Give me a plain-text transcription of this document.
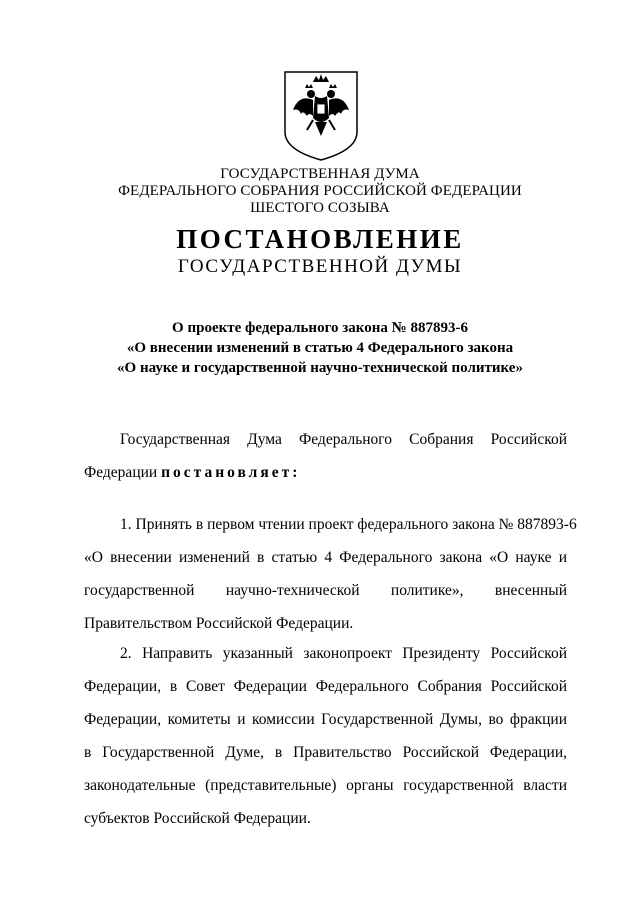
ГОСУДАРСТВЕННАЯ ДУМА
ФЕДЕРАЛЬНОГО СОБРАНИЯ РОССИЙСКОЙ ФЕДЕРАЦИИ
ШЕСТОГО СОЗЫВА
ПОСТАНОВЛЕНИЕ
ГОСУДАРСТВЕННОЙ ДУМЫ
О проекте федерального закона № 887893-6
«О внесении изменений в статью 4 Федерального закона
«О науке и государственной научно-технической политике»
Государственная Дума Федерального Собрания Российской
Федерации постановляет:
1. Принять в первом чтении проект федерального закона № 887893-6
«О внесении изменений в статью 4 Федерального закона «О науке и
государственной научно-технической политике», внесенный
Правительством Российской Федерации.
2. Направить указанный законопроект Президенту Российской
Федерации, в Совет Федерации Федерального Собрания Российской
Федерации, комитеты и комиссии Государственной Думы, во фракции
в Государственной Думе, в Правительство Российской Федерации,
законодательные (представительные) органы государственной власти
субъектов Российской Федерации.
